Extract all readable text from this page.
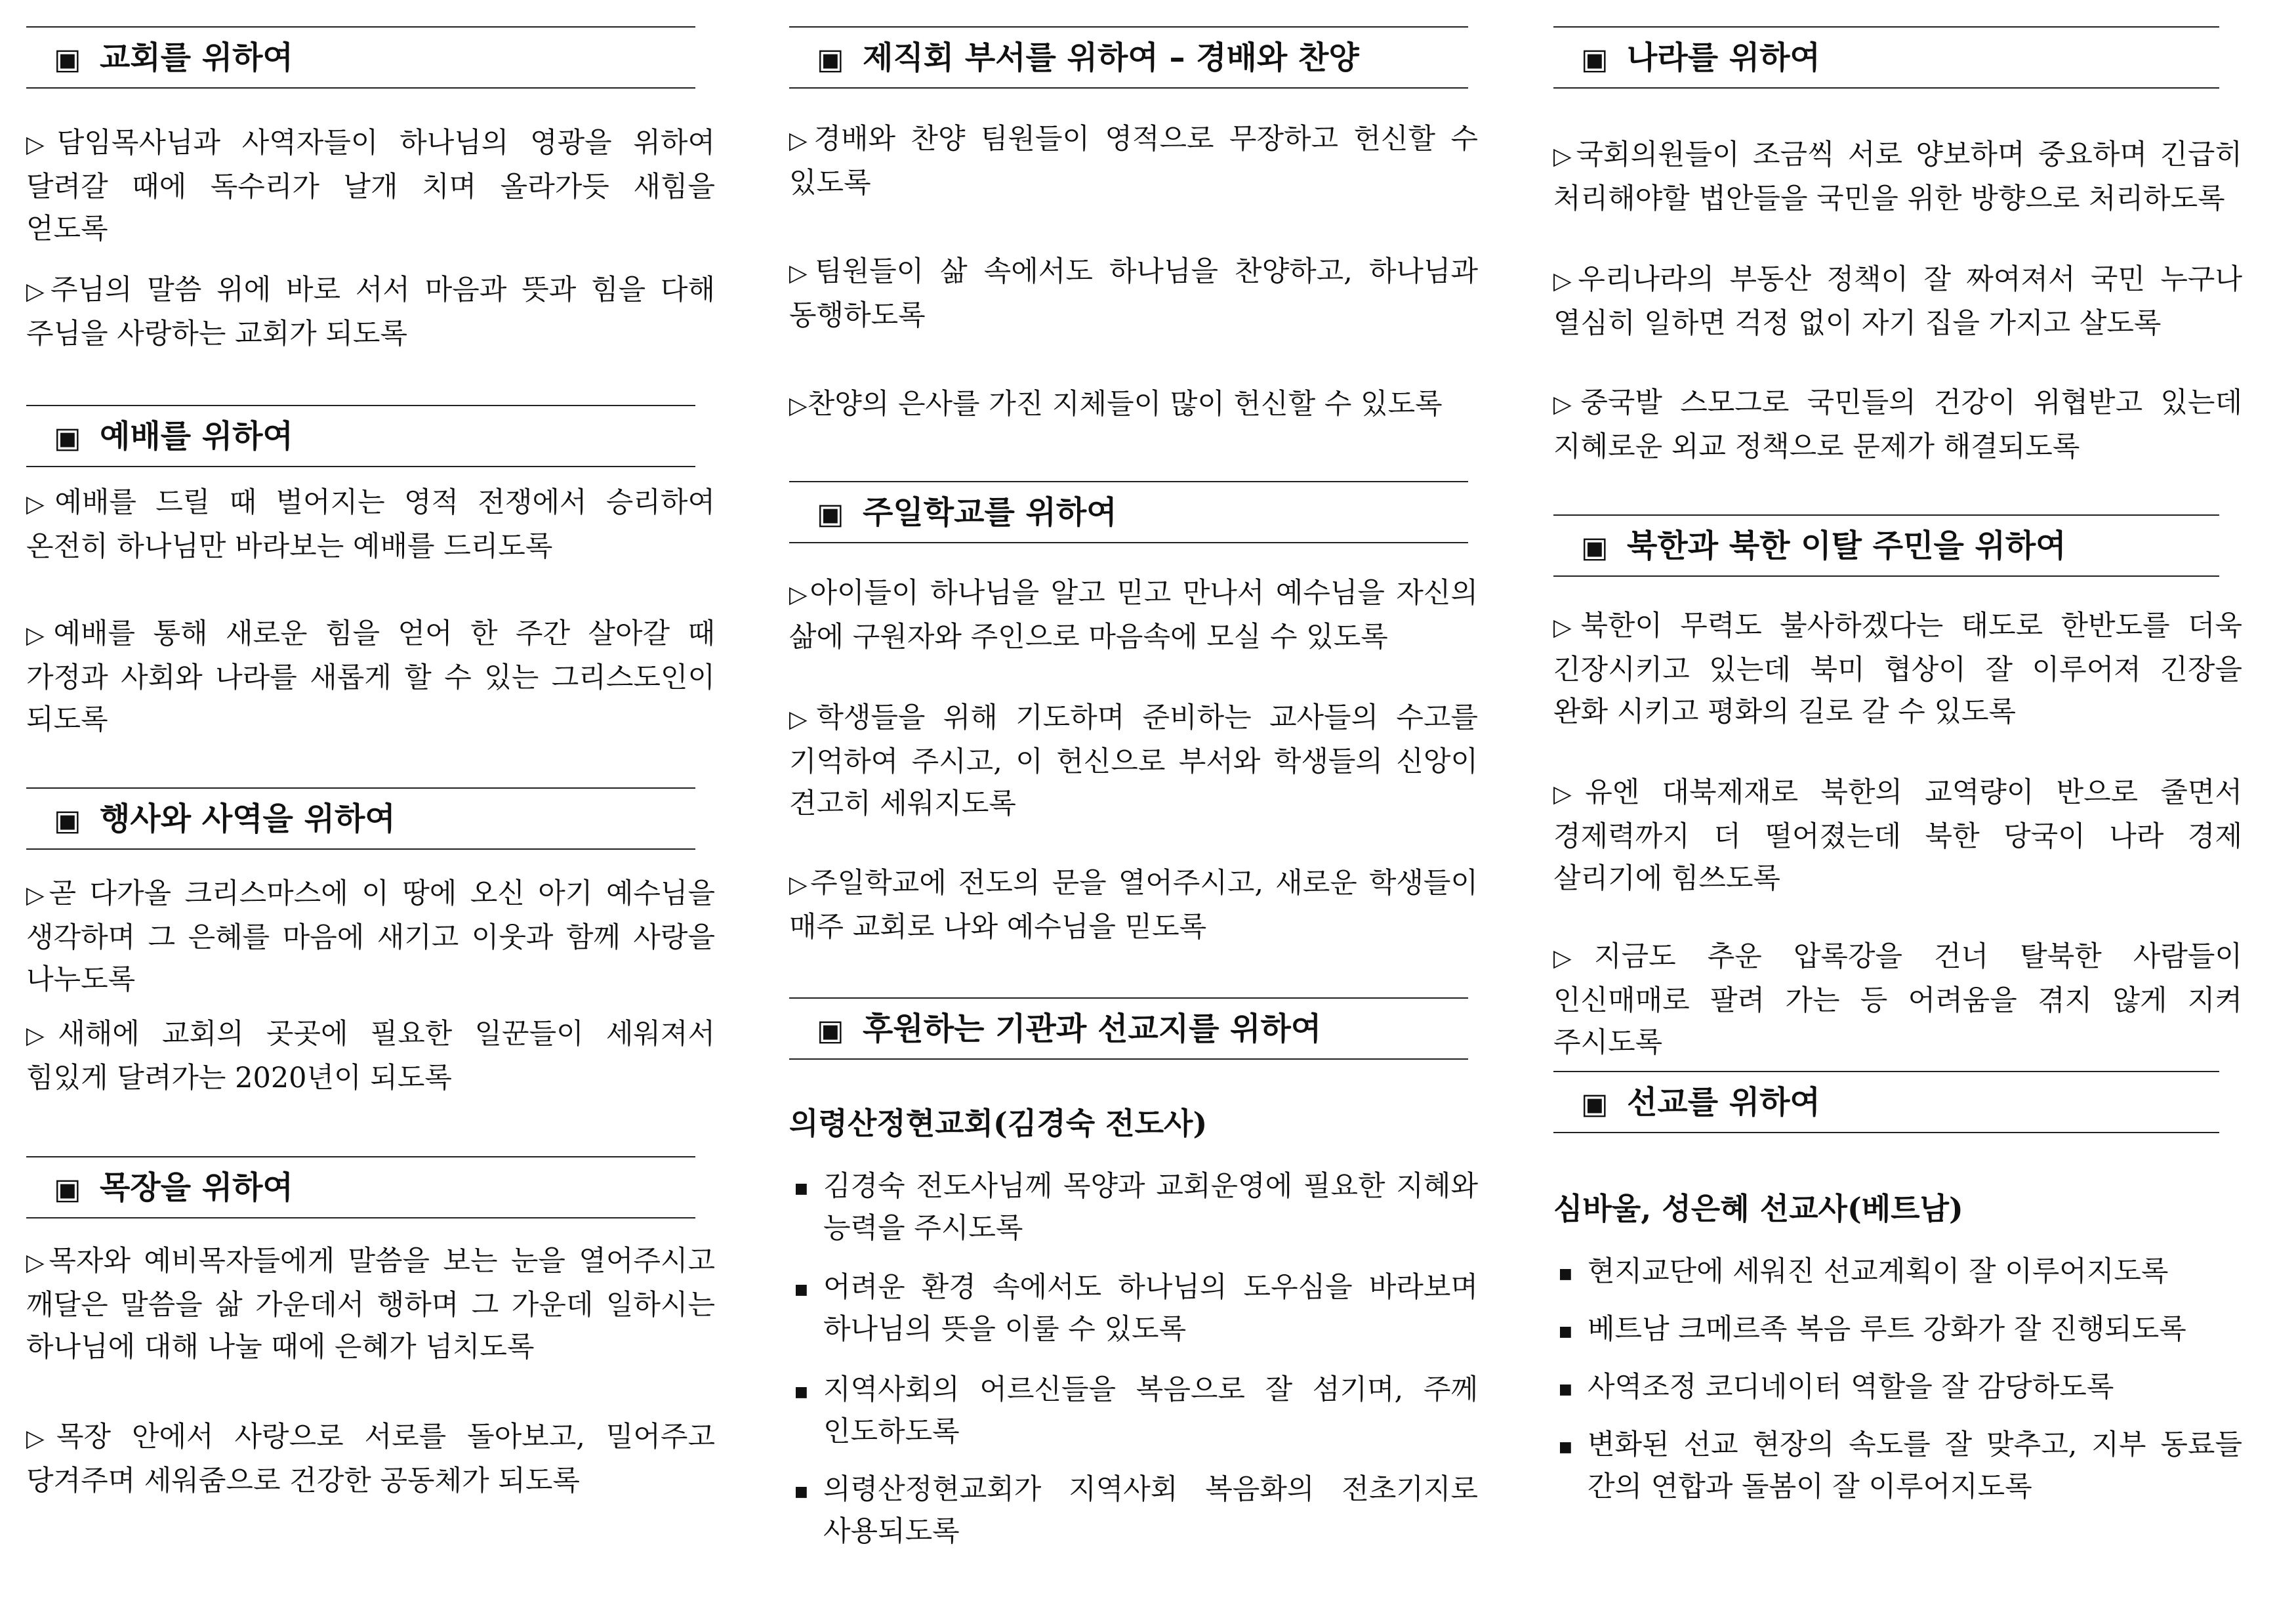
▣ 교회를 위하여
▷담임목사님과 사역자들이 하나님의 영광을 위하여 달려갈 때에 독수리가 날개 치며 올라가듯 새힘을 얻도록
▷주님의 말씀 위에 바로 서서 마음과 뜻과 힘을 다해 주님을 사랑하는 교회가 되도록
▣ 예배를 위하여
▷예배를 드릴 때 벌어지는 영적 전쟁에서 승리하여 온전히 하나님만 바라보는 예배를 드리도록
▷예배를 통해 새로운 힘을 얻어 한 주간 살아갈 때 가정과 사회와 나라를 새롭게 할 수 있는 그리스도인이 되도록
▣ 행사와 사역을 위하여
▷곧 다가올 크리스마스에 이 땅에 오신 아기 예수님을 생각하며 그 은혜를 마음에 새기고 이웃과 함께 사랑을 나누도록
▷새해에 교회의 곳곳에 필요한 일꾼들이 세워져서 힘있게 달려가는 2020년이 되도록
▣ 목장을 위하여
▷목자와 예비목자들에게 말씀을 보는 눈을 열어주시고 깨달은 말씀을 삶 가운데서 행하며 그 가운데 일하시는 하나님에 대해 나눌 때에 은혜가 넘치도록
▷목장 안에서 사랑으로 서로를 돌아보고, 밀어주고 당겨주며 세워줌으로 건강한 공동체가 되도록
▣ 제직회 부서를 위하여 – 경배와 찬양
▷경배와 찬양 팀원들이 영적으로 무장하고 헌신할 수 있도록
▷팀원들이 삶 속에서도 하나님을 찬양하고, 하나님과 동행하도록
▷찬양의 은사를 가진 지체들이 많이 헌신할 수 있도록
▣ 주일학교를 위하여
▷아이들이 하나님을 알고 믿고 만나서 예수님을 자신의 삶에 구원자와 주인으로 마음속에 모실 수 있도록
▷학생들을 위해 기도하며 준비하는 교사들의 수고를 기억하여 주시고, 이 헌신으로 부서와 학생들의 신앙이 견고히 세워지도록
▷주일학교에 전도의 문을 열어주시고, 새로운 학생들이 매주 교회로 나와 예수님을 믿도록
▣ 후원하는 기관과 선교지를 위하여
의령산정현교회(김경숙 전도사)
■ 김경숙 전도사님께 목양과 교회운영에 필요한 지혜와 능력을 주시도록
■ 어려운 환경 속에서도 하나님의 도우심을 바라보며 하나님의 뜻을 이룰 수 있도록
■ 지역사회의 어르신들을 복음으로 잘 섬기며, 주께 인도하도록
■ 의령산정현교회가 지역사회 복음화의 전초기지로 사용되도록
▣ 나라를 위하여
▷국회의원들이 조금씩 서로 양보하며 중요하며 긴급히 처리해야할 법안들을 국민을 위한 방향으로 처리하도록
▷우리나라의 부동산 정책이 잘 짜여져서 국민 누구나 열심히 일하면 걱정 없이 자기 집을 가지고 살도록
▷중국발 스모그로 국민들의 건강이 위협받고 있는데 지혜로운 외교 정책으로 문제가 해결되도록
▣ 북한과 북한 이탈 주민을 위하여
▷북한이 무력도 불사하겠다는 태도로 한반도를 더욱 긴장시키고 있는데 북미 협상이 잘 이루어져 긴장을 완화 시키고 평화의 길로 갈 수 있도록
▷유엔 대북제재로 북한의 교역량이 반으로 줄면서 경제력까지 더 떨어졌는데 북한 당국이 나라 경제 살리기에 힘쓰도록
▷지금도 추운 압록강을 건너 탈북한 사람들이 인신매매로 팔려 가는 등 어려움을 겪지 않게 지켜 주시도록
▣ 선교를 위하여
심바울, 성은혜 선교사(베트남)
■ 현지교단에 세워진 선교계획이 잘 이루어지도록
■ 베트남 크메르족 복음 루트 강화가 잘 진행되도록
■ 사역조정 코디네이터 역할을 잘 감당하도록
■ 변화된 선교 현장의 속도를 잘 맞추고, 지부 동료들 간의 연합과 돌봄이 잘 이루어지도록
